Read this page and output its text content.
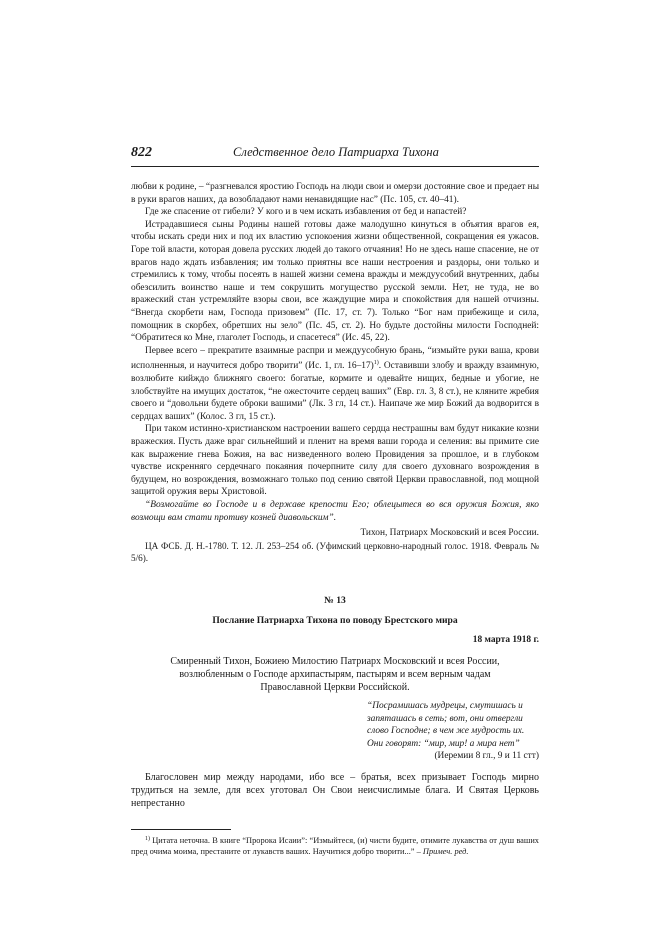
822	Следственное дело Патриарха Тихона

любви к родине, – “разгневался яростию Господь на люди свои и омерзи достояние свое и предает ны в руки врагов наших, да возобладают нами ненавидящие нас” (Пс. 105, ст. 40–41).

Где же спасение от гибели? У кого и в чем искать избавления от бед и напастей?

Истрадавшиеся сыны Родины нашей готовы даже малодушно кинуться в объятия врагов ея, чтобы искать среди них и под их властию успокоения жизни общественной, сокращения ея ужасов. Горе той власти, которая довела русских людей до такого отчаяния! Но не здесь наше спасение, не от врагов надо ждать избавления; им только приятны все наши нестроения и раздоры, они только и стремились к тому, чтобы посеять в нашей жизни семена вражды и междуусобий внутренних, дабы обезсилить воинство наше и тем сокрушить могущество русской земли. Нет, не туда, не во вражеский стан устремляйте взоры свои, все жаждущие мира и спокойствия для нашей отчизны. “Внегда скорбети нам, Господа призовем” (Пс. 17, ст. 7). Только “Бог нам прибежище и сила, помощник в скорбех, обретших ны зело” (Пс. 45, ст. 2). Но будьте достойны милости Господней: “Обратитеся ко Мне, глаголет Господь, и спасетеся” (Ис. 45, 22).

Первее всего – прекратите взаимные распри и междуусобную брань, “измыйте руки ваша, крови исполненныя, и научитеся добро творити” (Ис. 1, гл. 16–17)$^{1)}$. Оставивши злобу и вражду взаимную, возлюбите кийждо ближняго своего: богатые, кормите и одевайте нищих, бедные и убогие, не злобствуйте на имущих достаток, “не ожесточите сердец ваших” (Евр. гл. 3, 8 ст.), не кляните жребия своего и “довольни будете оброки вашими” (Лк. 3 гл, 14 ст.). Наипаче же мир Божий да водворится в сердцах ваших” (Колос. 3 гл, 15 ст.).

При таком истинно-христианском настроении вашего сердца нестрашны вам будут никакие козни вражеския. Пусть даже враг сильнейший и пленит на время ваши города и селения: вы примите сие как выражение гнева Божия, на вас низведенного волею Провидения за прошлое, и в глубоком чувстве искренняго сердечнаго покаяния почерпните силу для своего духовнаго возрождения в будущем, но возрождения, возможнаго только под сению святой Церкви православной, под мощной защитой оружия веры Христовой.

“Возмогайте во Господе и в державе крепости Его; облецытеся во вся оружия Божия, яко возмощи вам стати противу козней диавольским”.

Тихон, Патриарх Московский и всея России.

ЦА ФСБ. Д. Н.-1780. Т. 12. Л. 253–254 об. (Уфимский церковно-народный голос. 1918. Февраль № 5/6).

№ 13
Послание Патриарха Тихона по поводу Брестского мира
18 марта 1918 г.
Смиренный Тихон, Божиею Милостию Патриарх Московский и всея России,
возлюбленным о Господе архипастырям, пастырям и всем верным чадам
Православной Церкви Российской.
“Посрамишась мудрецы, смутишась и
запяташась в сеть; вот, они отвергли
слово Господне; в чем же мудрость их.
Они говорят: “мир, мир! а мира нет”
(Иеремии 8 гл., 9 и 11 стт)

Благословен мир между народами, ибо все – братья, всех призывает Господь мирно трудиться на земле, для всех уготовал Он Свои неисчислимые блага. И Святая Церковь непрестанно

$^{1)}$ Цитата неточна. В книге “Пророка Исаии”: “Измыйтеся, (и) чисти будите, отимите лукавства от душ ваших пред очима моима, престаните от лукавств ваших. Научитися добро творити...” – Примеч. ред.
